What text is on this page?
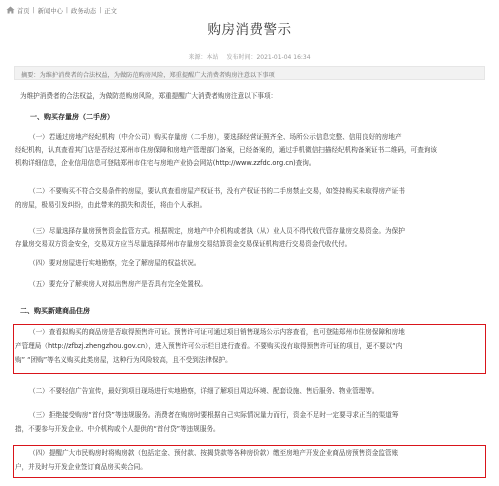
首页 | 新闻中心 | 政务动态 | 正文
购房消费警示
来源：本站 发布时间：2021-01-04 16:34
摘要：为维护消费者的合法权益，为做防范购房风险，郑重提醒广大消费者购房注意以下事项
为维护消费者的合法权益，为做防范购房风险，郑重提醒广大消费者购房注意以下事项：
一、购买存量房（二手房）
（一）若通过房地产经纪机构（中介公司）购买存量房（二手房），要选择经营证照齐全、场所公示信息完整、信用良好的房地产
经纪机构，认真查看其门店是否经过郑州市住房保障和房地产管理部门备案，已经备案的，通过手机微信扫描经纪机构备案证书二维码，可查询该
机构详细信息，企业信用信息可登陆郑州市住宅与房地产业协会网站(http://www.zzfdc.org.cn)查询。
（二）不要购买不符合交易条件的房屋，要认真查看房屋产权证书，没有产权证书的二手房禁止交易，如签持购买未取得房产证书
的房屋，极易引发纠纷，由此带来的损失和责任，将由个人承担。
（三）尽量选择存量房预售资金监管方式。根据规定，房地产中介机构或者执（从）业人员不得代收代管存量房交易资金。为保护
存量房交易双方资金安全，交易双方应当尽量选择郑州市存量房交易结算资金交易保证机构进行交易资金代收代付。
（四）要对房屋进行实地勘察，完全了解房屋的权益状况。
（五）要充分了解卖房人对拟出售房产是否具有完全处置权。
二、购买新建商品住房
（一）查看拟购买的商品房是否取得预售许可证。预售许可证可通过项目销售现场公示内容查看，也可登陆郑州市住房保障和房地
产管理局（http://zfbzj.zhengzhou.gov.cn），进入预售许可公示栏目进行查看。不要购买没有取得预售许可证的项目，更不要以“内
购” “团购”等名义购买此类房屋，这种行为风险较高，且不受到法律保护。
（二）不要轻信广告宣传，最好到项目现场进行实地勘察，详细了解项目周边环境、配套设施、售后服务、物业管理等。
（三）拒绝接受购房“首付贷”等违规服务。消费者在购房时要根据自己实际情况量力而行，资金不足时一定要寻求正当的渠道筹
措，不要参与开发企业、中介机构或个人提供的“首付贷”等违规服务。
（四）提醒广大市民购房时将购房款（包括定金、预付款、按揭贷款等各种房价款）缴至房地产开发企业商品房预售资金监管账
户，并及时与开发企业签订商品房买卖合同。
